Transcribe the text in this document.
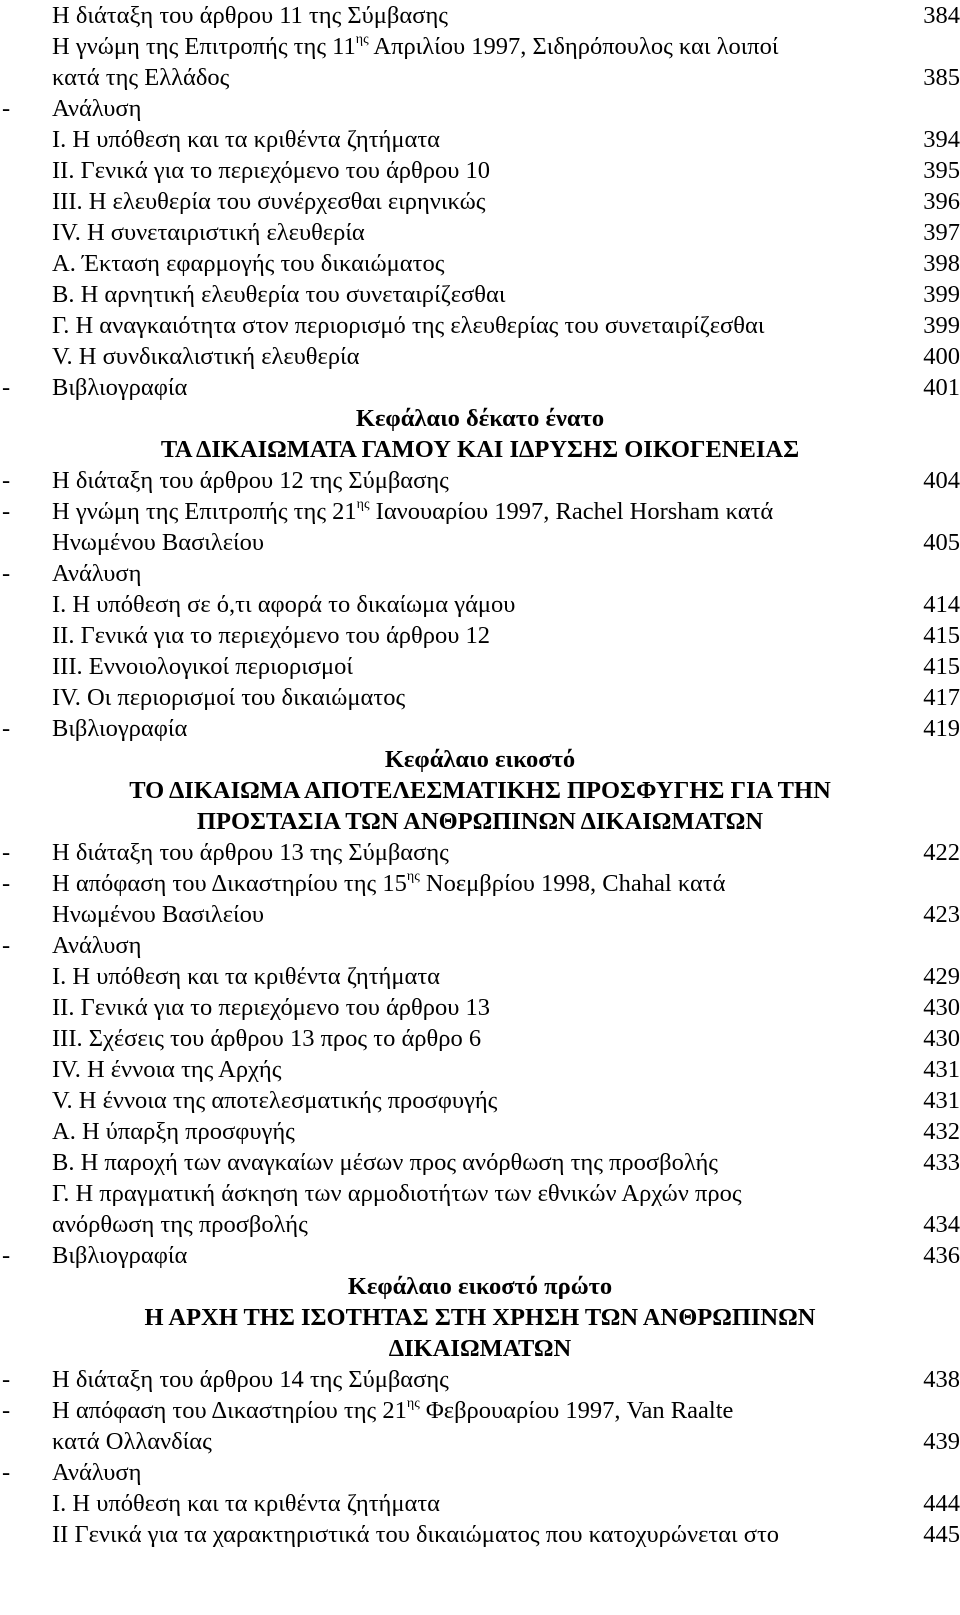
Η διάταξη του άρθρου 11 της Σύμβασης	384
Η γνώμη της Επιτροπής της $11^{\eta\varsigma}$ Απριλίου 1997, Σιδηρόπουλος και λοιποί
κατά της Ελλάδος	385
- Ανάλυση
Ι. Η υπόθεση και τα κριθέντα ζητήματα	394
ΙΙ. Γενικά για το περιεχόμενο του άρθρου 10	395
ΙΙΙ. Η ελευθερία του συνέρχεσθαι ειρηνικώς	396
IV. Η συνεταιριστική ελευθερία	397
Α. Έκταση εφαρμογής του δικαιώματος	398
Β. Η αρνητική ελευθερία του συνεταιρίζεσθαι	399
Γ. Η αναγκαιότητα στον περιορισμό της ελευθερίας του συνεταιρίζεσθαι	399
V. Η συνδικαλιστική ελευθερία	400
- Βιβλιογραφία	401
Κεφάλαιο δέκατο ένατο
ΤΑ ΔΙΚΑΙΩΜΑΤΑ ΓΑΜΟΥ ΚΑΙ ΙΔΡΥΣΗΣ ΟΙΚΟΓΕΝΕΙΑΣ
- Η διάταξη του άρθρου 12 της Σύμβασης	404
- Η γνώμη της Επιτροπής της $21^{\eta\varsigma}$ Ιανουαρίου 1997, Rachel Horsham κατά
Ηνωμένου Βασιλείου	405
- Ανάλυση
Ι. Η υπόθεση σε ό,τι αφορά το δικαίωμα γάμου	414
ΙΙ. Γενικά για το περιεχόμενο του άρθρου 12	415
ΙΙΙ. Εννοιολογικοί περιορισμοί	415
IV. Οι περιορισμοί του δικαιώματος	417
- Βιβλιογραφία	419
Κεφάλαιο εικοστό
ΤΟ ΔΙΚΑΙΩΜΑ ΑΠΟΤΕΛΕΣΜΑΤΙΚΗΣ ΠΡΟΣΦΥΓΗΣ ΓΙΑ ΤΗΝ
ΠΡΟΣΤΑΣΙΑ ΤΩΝ ΑΝΘΡΩΠΙΝΩΝ ΔΙΚΑΙΩΜΑΤΩΝ
- Η διάταξη του άρθρου 13 της Σύμβασης	422
- Η απόφαση του Δικαστηρίου της $15^{\eta\varsigma}$ Νοεμβρίου 1998, Chahal κατά
Ηνωμένου Βασιλείου	423
- Ανάλυση
Ι. Η υπόθεση και τα κριθέντα ζητήματα	429
ΙΙ. Γενικά για το περιεχόμενο του άρθρου 13	430
ΙΙΙ. Σχέσεις του άρθρου 13 προς το άρθρο 6	430
IV. Η έννοια της Αρχής	431
V. Η έννοια της αποτελεσματικής προσφυγής	431
Α. Η ύπαρξη προσφυγής	432
Β. Η παροχή των αναγκαίων μέσων προς ανόρθωση της προσβολής	433
Γ. Η πραγματική άσκηση των αρμοδιοτήτων των εθνικών Αρχών προς
ανόρθωση της προσβολής	434
- Βιβλιογραφία	436
Κεφάλαιο εικοστό πρώτο
Η ΑΡΧΗ ΤΗΣ ΙΣΟΤΗΤΑΣ ΣΤΗ ΧΡΗΣΗ ΤΩΝ ΑΝΘΡΩΠΙΝΩΝ
ΔΙΚΑΙΩΜΑΤΩΝ
- Η διάταξη του άρθρου 14 της Σύμβασης	438
- Η απόφαση του Δικαστηρίου της $21^{\eta\varsigma}$ Φεβρουαρίου 1997, Van Raalte
κατά Ολλανδίας	439
- Ανάλυση
Ι. Η υπόθεση και τα κριθέντα ζητήματα	444
ΙΙ Γενικά για τα χαρακτηριστικά του δικαιώματος που κατοχυρώνεται στο	445
